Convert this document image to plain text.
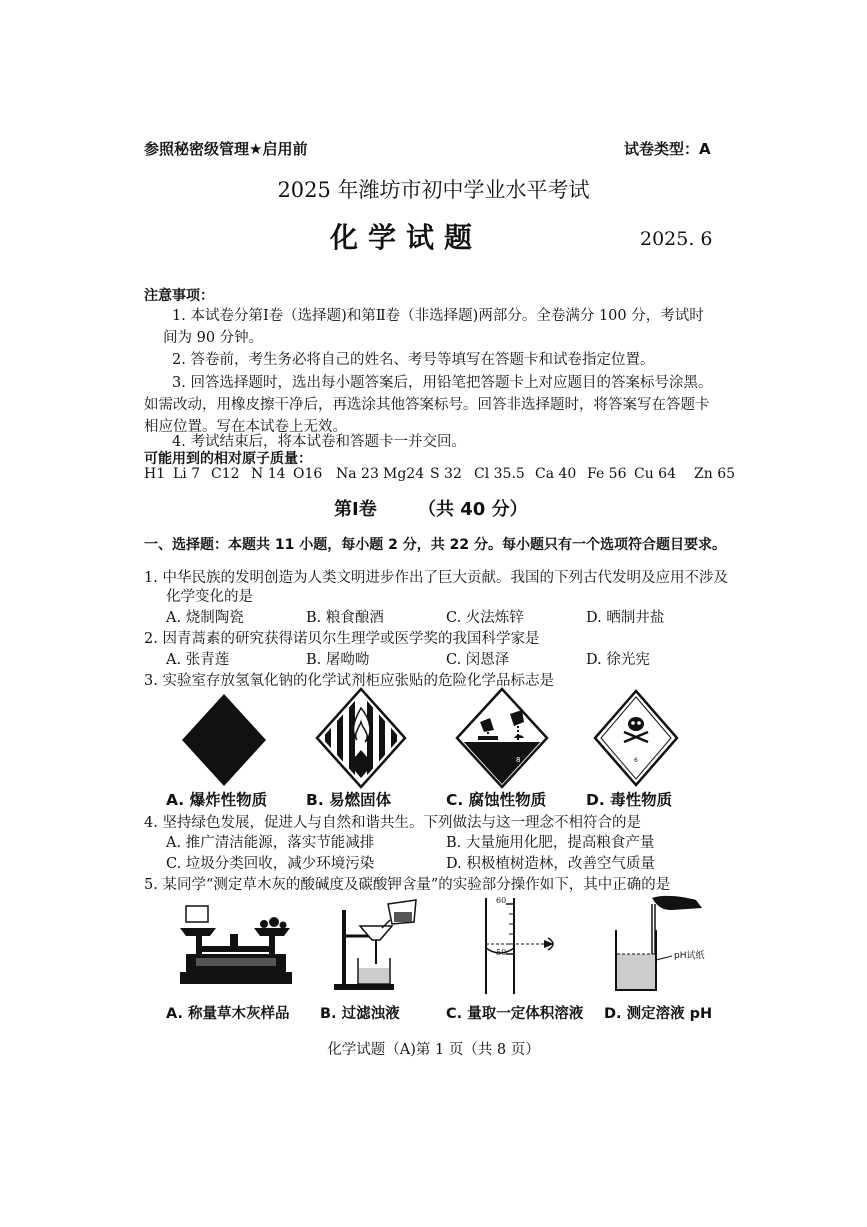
参照秘密级管理★启用前	试卷类型：A
2025 年潍坊市初中学业水平考试
化学试题	2025. 6
注意事项：
1. 本试卷分第Ⅰ卷（选择题)和第Ⅱ卷（非选择题)两部分。全卷满分 100 分，考试时
间为 90 分钟。
2. 答卷前，考生务必将自己的姓名、考号等填写在答题卡和试卷指定位置。
3. 回答选择题时，选出每小题答案后，用铅笔把答题卡上对应题目的答案标号涂黑。
如需改动，用橡皮擦干净后，再选涂其他答案标号。回答非选择题时，将答案写在答题卡
相应位置。写在本试卷上无效。
4. 考试结束后，将本试卷和答题卡一并交回。
可能用到的相对原子质量：
H1 Li 7 C12 N 14 O16 Na 23 Mg24 S 32 Cl 35.5 Ca 40 Fe 56 Cu 64 Zn 65
第Ⅰ卷 （共 40 分）
一、选择题：本题共 11 小题，每小题 2 分，共 22 分。每小题只有一个选项符合题目要求。
1. 中华民族的发明创造为人类文明进步作出了巨大贡献。我国的下列古代发明及应用不涉及
化学变化的是
A. 烧制陶瓷	B. 粮食酿酒	C. 火法炼锌	D. 晒制井盐
2. 因青蒿素的研究获得诺贝尔生理学或医学奖的我国科学家是
A. 张青莲	B. 屠呦呦	C. 闵恩泽	D. 徐光宪
3. 实验室存放氢氧化钠的化学试剂柜应张贴的危险化学品标志是
8	6
A. 爆炸性物质	B. 易燃固体	C. 腐蚀性物质	D. 毒性物质
4. 坚持绿色发展，促进人与自然和谐共生。下列做法与这一理念不相符合的是
A. 推广清洁能源，落实节能减排	B. 大量施用化肥，提高粮食产量
C. 垃圾分类回收，减少环境污染	D. 积极植树造林，改善空气质量
5. 某同学“测定草木灰的酸碱度及碳酸钾含量”的实验部分操作如下，其中正确的是
60
50	pH试纸
A. 称量草木灰样品 B. 过滤浊液	C. 量取一定体积溶液 D. 测定溶液 pH
化学试题（A)第 1 页（共 8 页）
